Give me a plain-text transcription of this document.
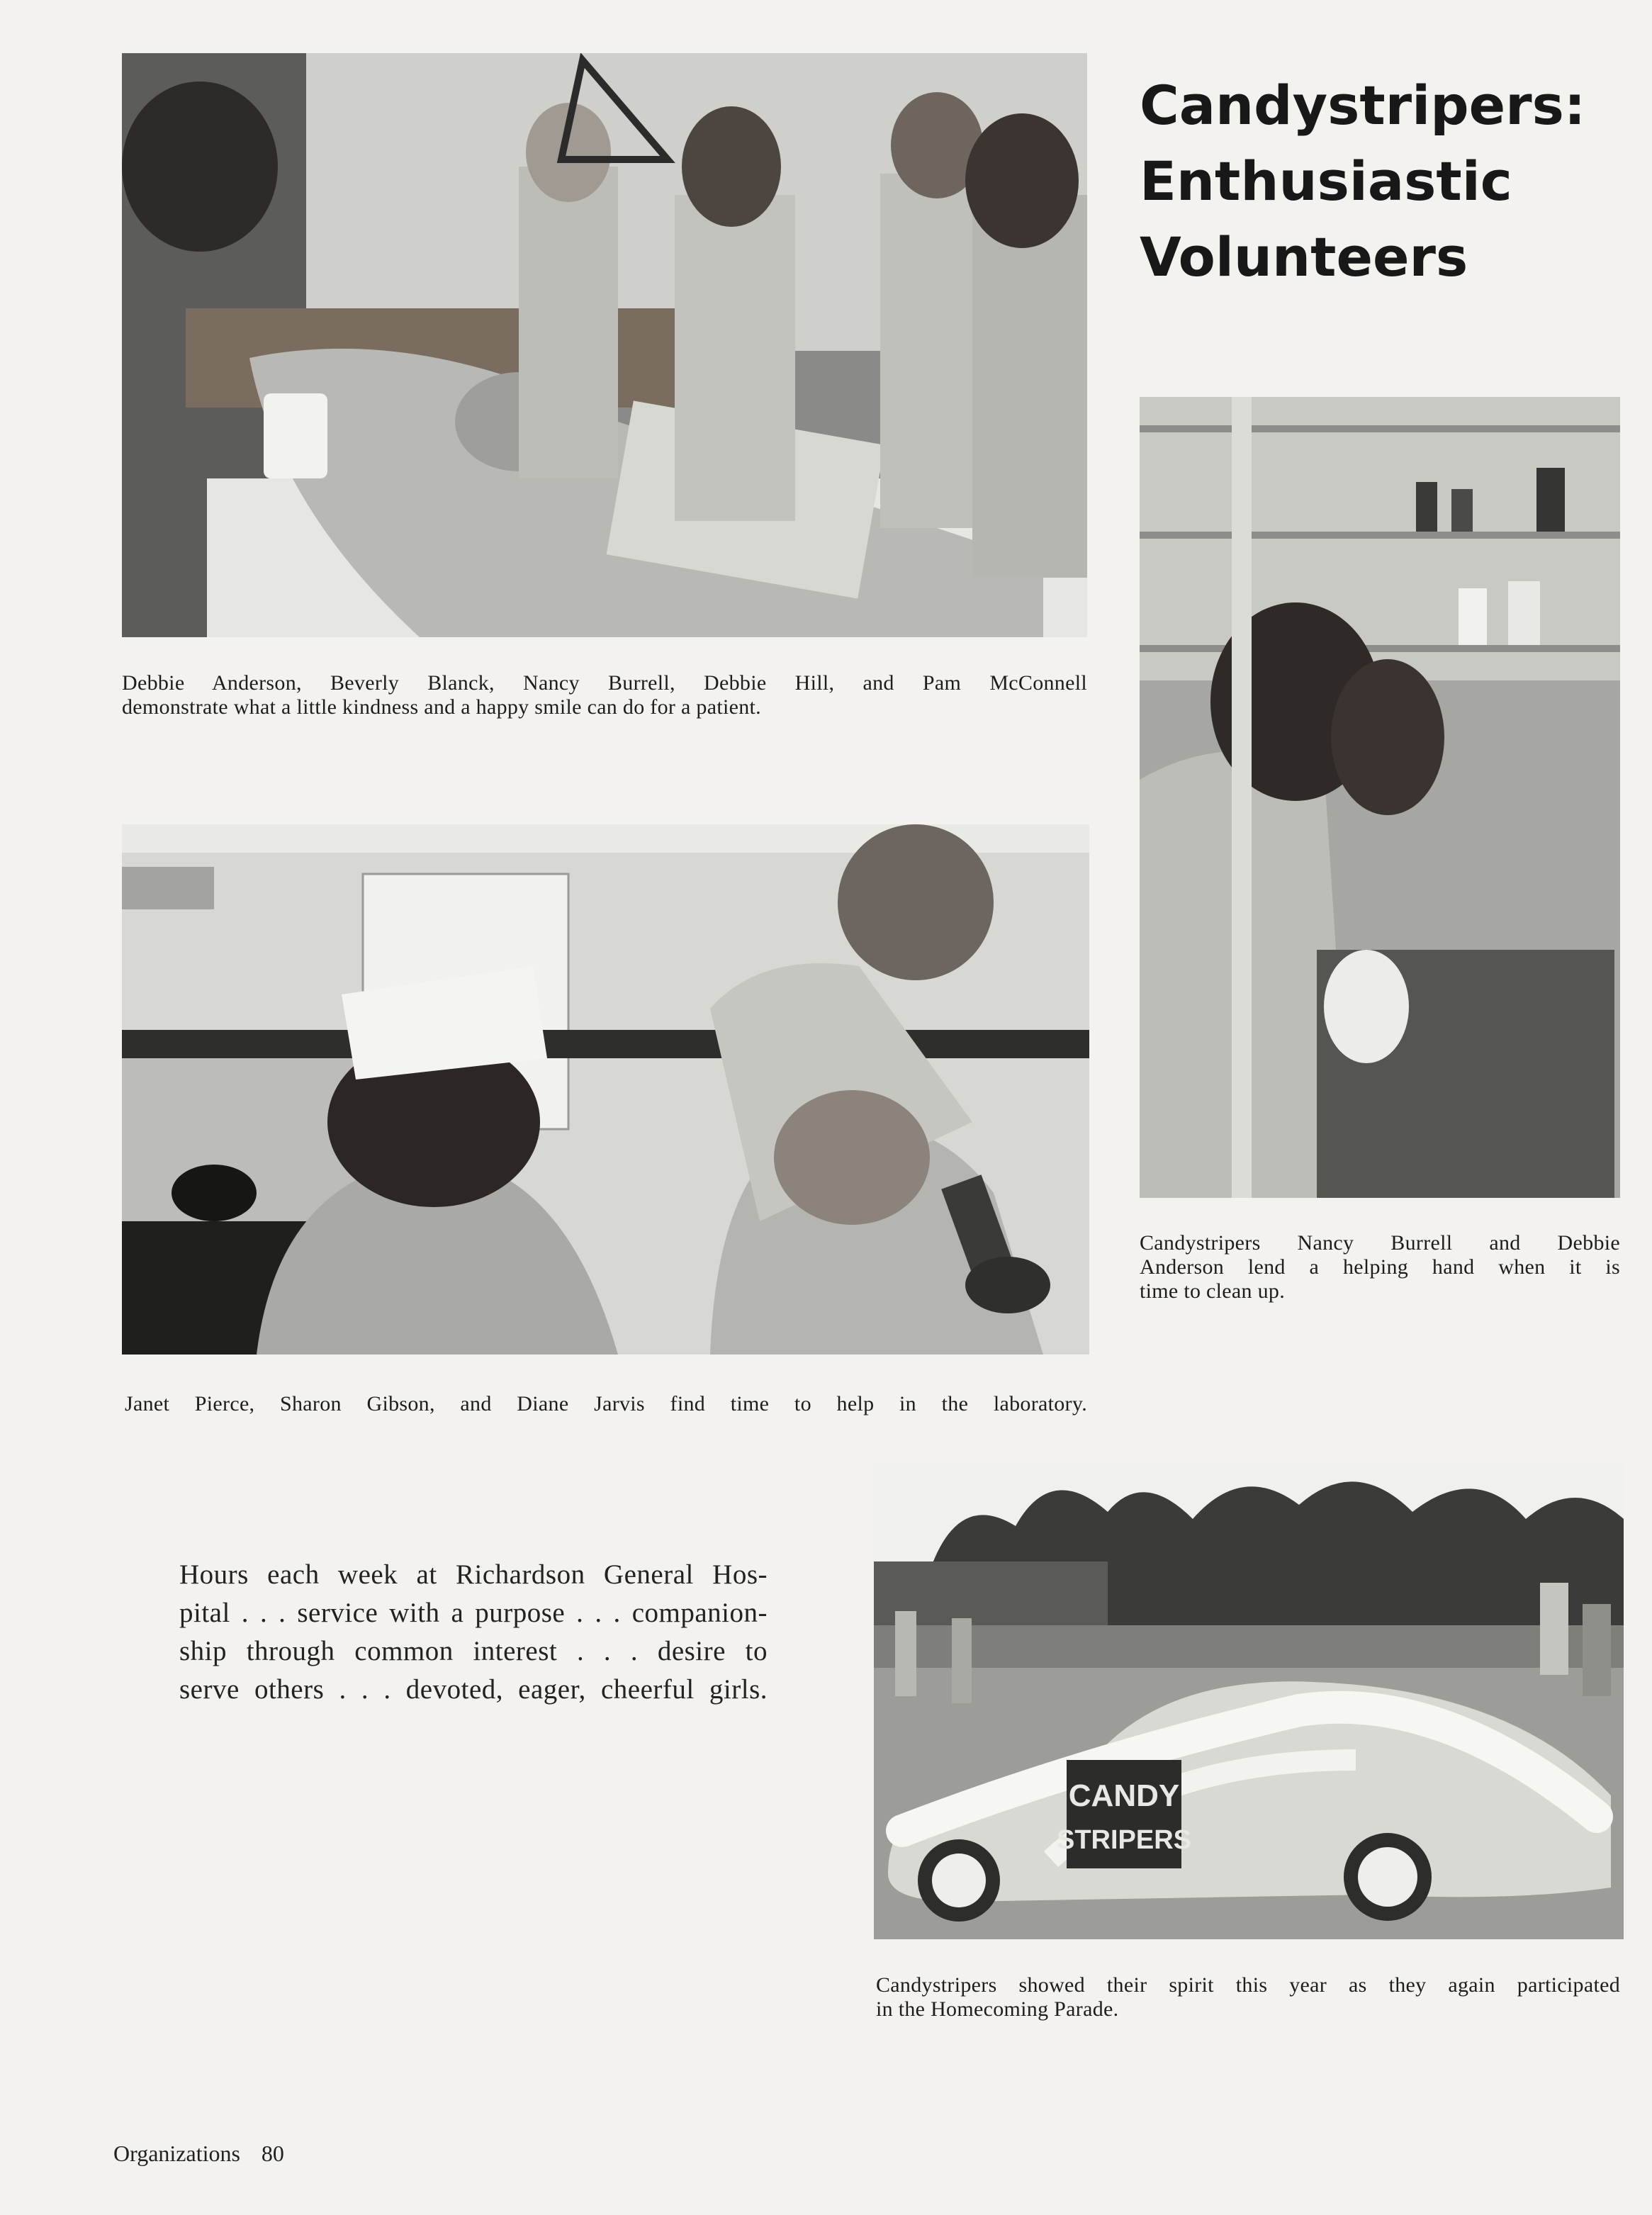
Candystripers:
Enthusiastic
Volunteers
Debbie Anderson, Beverly Blanck, Nancy Burrell, Debbie Hill, and Pam McConnell
demonstrate what a little kindness and a happy smile can do for a patient.
Candystripers Nancy Burrell and Debbie
Anderson lend a helping hand when it is
time to clean up.
Janet Pierce, Sharon Gibson, and Diane Jarvis find time to help in the laboratory.
Hours each week at Richardson General Hos-
pital . . . service with a purpose . . . companion-
ship through common interest . . . desire to
serve others . . . devoted, eager, cheerful girls.
CANDY
STRIPERS
Candystripers showed their spirit this year as they again participated
in the Homecoming Parade.
Organizations 80
